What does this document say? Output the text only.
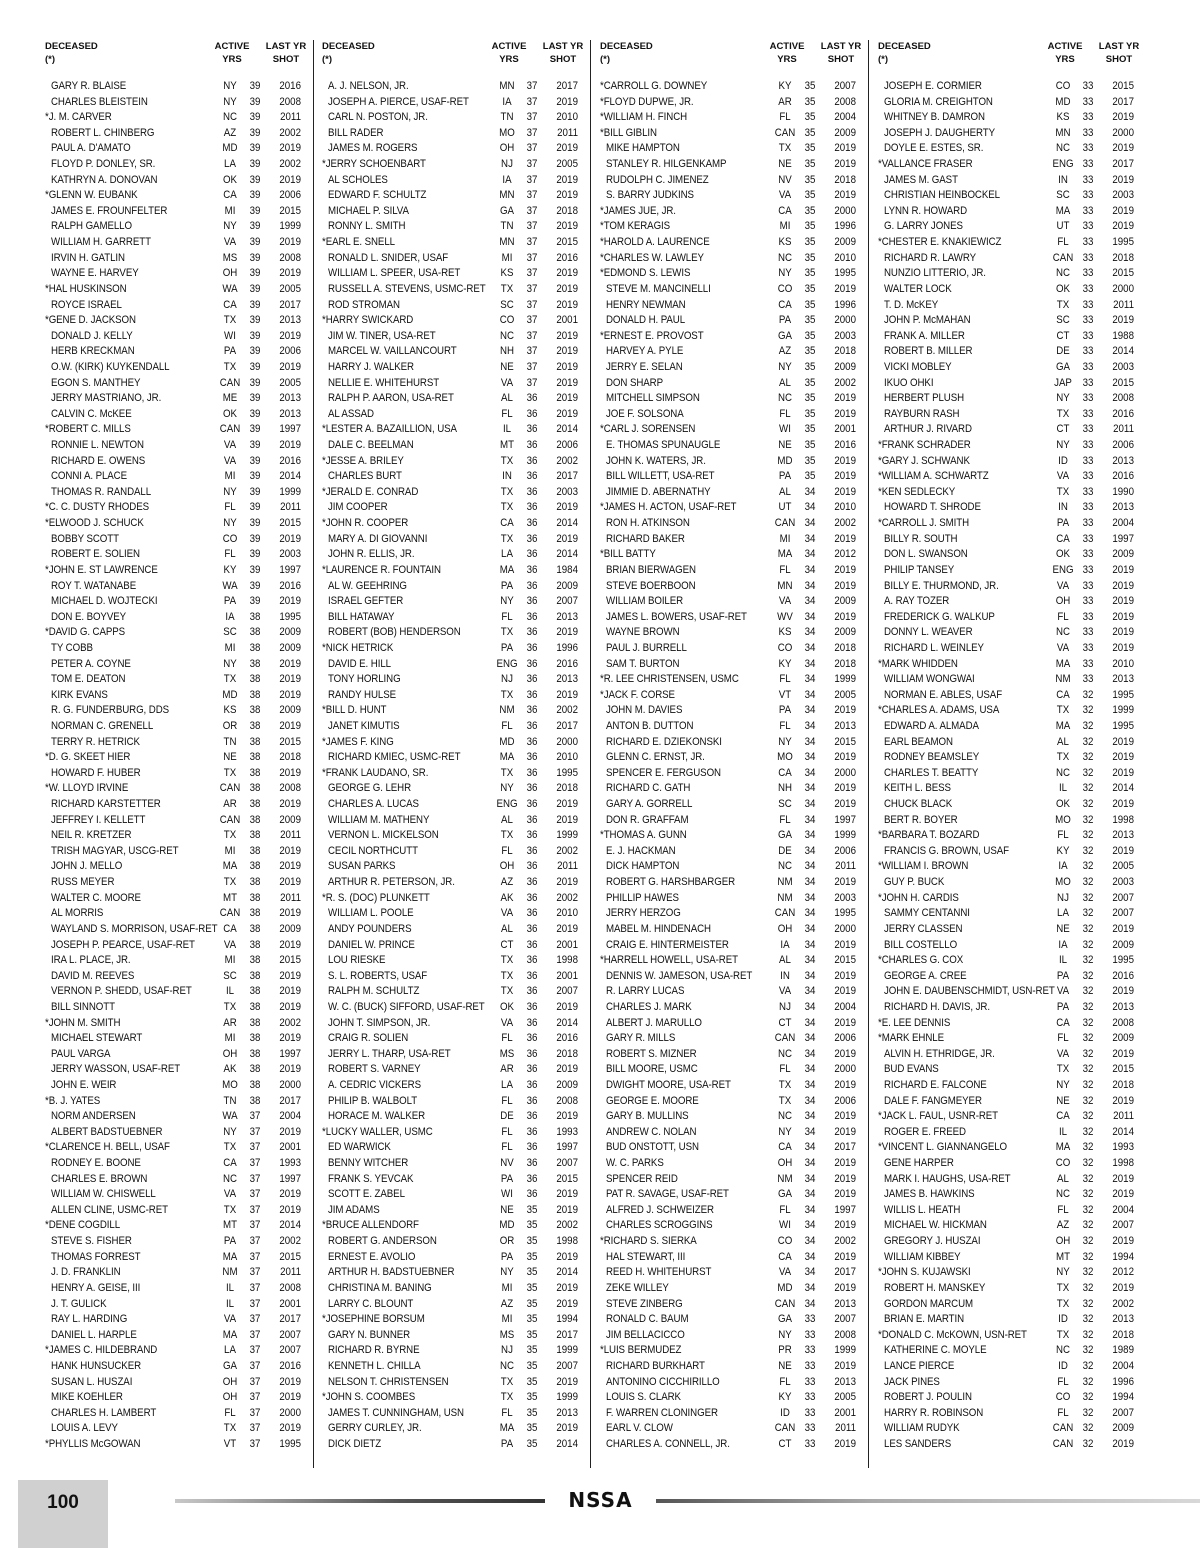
DECEASED
(*)
ACTIVE
YRS
LAST YR
SHOT
GARY R. BLAISE	NY	39	2016
CHARLES BLEISTEIN	NY	39	2008
*J. M. CARVER	NC	39	2011
ROBERT L. CHINBERG	AZ	39	2002
PAUL A. D'AMATO	MD	39	2019
FLOYD P. DONLEY, SR.	LA	39	2002
KATHRYN A. DONOVAN	OK	39	2019
*GLENN W. EUBANK	CA	39	2006
JAMES E. FROUNFELTER	MI	39	2015
RALPH GAMELLO	NY	39	1999
WILLIAM H. GARRETT	VA	39	2019
IRVIN H. GATLIN	MS	39	2008
WAYNE E. HARVEY	OH	39	2019
*HAL HUSKINSON	WA	39	2005
ROYCE ISRAEL	CA	39	2017
*GENE D. JACKSON	TX	39	2013
DONALD J. KELLY	WI	39	2019
HERB KRECKMAN	PA	39	2006
O.W. (KIRK) KUYKENDALL	TX	39	2019
EGON S. MANTHEY	CAN 39	2005
JERRY MASTRIANO, JR.	ME	39	2013
CALVIN C. McKEE	OK	39	2013
*ROBERT C. MILLS	CAN 39	1997
RONNIE L. NEWTON	VA	39	2019
RICHARD E. OWENS	VA	39	2016
CONNI A. PLACE	MI	39	2014
THOMAS R. RANDALL	NY	39	1999
*C. C. DUSTY RHODES	FL	39	2011
*ELWOOD J. SCHUCK	NY	39	2015
BOBBY SCOTT	CO	39	2019
ROBERT E. SOLIEN	FL	39	2003
*JOHN E. ST LAWRENCE	KY	39	1997
ROY T. WATANABE	WA	39	2016
MICHAEL D. WOJTECKI	PA	39	2019
DON E. BOYVEY	IA	38	1995
*DAVID G. CAPPS	SC	38	2009
TY COBB	MI	38	2009
PETER A. COYNE	NY	38	2019
TOM E. DEATON	TX	38	2019
KIRK EVANS	MD	38	2019
R. G. FUNDERBURG, DDS	KS	38	2009
NORMAN C. GRENELL	OR	38	2019
TERRY R. HETRICK	TN	38	2015
*D. G. SKEET HIER	NE	38	2018
HOWARD F. HUBER	TX	38	2019
*W. LLOYD IRVINE	CAN 38	2008
RICHARD KARSTETTER	AR	38	2019
JEFFREY I. KELLETT	CAN 38	2009
NEIL R. KRETZER	TX	38	2011
TRISH MAGYAR, USCG-RET	MI	38	2019
JOHN J. MELLO	MA	38	2019
RUSS MEYER	TX	38	2019
WALTER C. MOORE	MT	38	2011
AL MORRIS	CAN 38	2019
WAYLAND S. MORRISON, USAF-RET CA	38	2009
JOSEPH P. PEARCE, USAF-RET	VA	38	2019
IRA L. PLACE, JR.	MI	38	2015
DAVID M. REEVES	SC	38	2019
VERNON P. SHEDD, USAF-RET	IL	38	2019
BILL SINNOTT	TX	38	2019
*JOHN M. SMITH	AR	38	2002
MICHAEL STEWART	MI	38	2019
PAUL VARGA	OH	38	1997
JERRY WASSON, USAF-RET	AK	38	2019
JOHN E. WEIR	MO	38	2000
*B. J. YATES	TN	38	2017
NORM ANDERSEN	WA	37	2004
ALBERT BADSTUEBNER	NY	37	2019
*CLARENCE H. BELL, USAF	TX	37	2001
RODNEY E. BOONE	CA	37	1993
CHARLES E. BROWN	NC	37	1997
WILLIAM W. CHISWELL	VA	37	2019
ALLEN CLINE, USMC-RET	TX	37	2019
*DENE COGDILL	MT	37	2014
STEVE S. FISHER	PA	37	2002
THOMAS FORREST	MA	37	2015
J. D. FRANKLIN	NM	37	2011
HENRY A. GEISE, III	IL	37	2008
J. T. GULICK	IL	37	2001
RAY L. HARDING	VA	37	2017
DANIEL L. HARPLE	MA	37	2007
*JAMES C. HILDEBRAND	LA	37	2007
HANK HUNSUCKER	GA	37	2016
SUSAN L. HUSZAI	OH	37	2019
MIKE KOEHLER	OH	37	2019
CHARLES H. LAMBERT	FL	37	2000
LOUIS A. LEVY	TX	37	2019
*PHYLLIS McGOWAN	VT	37	1995
DECEASED
(*)
ACTIVE
YRS
LAST YR
SHOT
A. J. NELSON, JR.	MN	37	2017
JOSEPH A. PIERCE, USAF-RET	IA	37	2019
CARL N. POSTON, JR.	TN	37	2010
BILL RADER	MO	37	2011
JAMES M. ROGERS	OH	37	2019
*JERRY SCHOENBART	NJ	37	2005
AL SCHOLES	IA	37	2019
EDWARD F. SCHULTZ	MN	37	2019
MICHAEL P. SILVA	GA	37	2018
RONNY L. SMITH	TN	37	2019
*EARL E. SNELL	MN	37	2015
RONALD L. SNIDER, USAF	MI	37	2016
WILLIAM L. SPEER, USA-RET	KS	37	2019
RUSSELL A. STEVENS, USMC-RET	TX	37	2019
ROD STROMAN	SC	37	2019
*HARRY SWICKARD	CO	37	2001
JIM W. TINER, USA-RET	NC	37	2019
MARCEL W. VAILLANCOURT	NH	37	2019
HARRY J. WALKER	NE	37	2019
NELLIE E. WHITEHURST	VA	37	2019
RALPH P. AARON, USA-RET	AL	36	2019
AL ASSAD	FL	36	2019
*LESTER A. BAZAILLION, USA	IL	36	2014
DALE C. BEELMAN	MT	36	2006
*JESSE A. BRILEY	TX	36	2002
CHARLES BURT	IN	36	2017
*JERALD E. CONRAD	TX	36	2003
JIM COOPER	TX	36	2019
*JOHN R. COOPER	CA	36	2014
MARY A. DI GIOVANNI	TX	36	2019
JOHN R. ELLIS, JR.	LA	36	2014
*LAURENCE R. FOUNTAIN	MA	36	1984
AL W. GEEHRING	PA	36	2009
ISRAEL GEFTER	NY	36	2007
BILL HATAWAY	FL	36	2013
ROBERT (BOB) HENDERSON	TX	36	2019
*NICK HETRICK	PA	36	1996
DAVID E. HILL	ENG 36	2016
TONY HORLING	NJ	36	2013
RANDY HULSE	TX	36	2019
*BILL D. HUNT	NM	36	2002
JANET KIMUTIS	FL	36	2017
*JAMES F. KING	MD	36	2000
RICHARD KMIEC, USMC-RET	MA	36	2010
*FRANK LAUDANO, SR.	TX	36	1995
GEORGE G. LEHR	NY	36	2018
CHARLES A. LUCAS	ENG 36	2019
WILLIAM M. MATHENY	AL	36	2019
VERNON L. MICKELSON	TX	36	1999
CECIL NORTHCUTT	FL	36	2002
SUSAN PARKS	OH	36	2011
ARTHUR R. PETERSON, JR.	AZ	36	2019
*R. S. (DOC) PLUNKETT	AK	36	2002
WILLIAM L. POOLE	VA	36	2010
ANDY POUNDERS	AL	36	2019
DANIEL W. PRINCE	CT	36	2001
LOU RIESKE	TX	36	1998
S. L. ROBERTS, USAF	TX	36	2001
RALPH M. SCHULTZ	TX	36	2007
W. C. (BUCK) SIFFORD, USAF-RET	OK	36	2019
JOHN T. SIMPSON, JR.	VA	36	2014
CRAIG R. SOLIEN	FL	36	2016
JERRY L. THARP, USA-RET	MS	36	2018
ROBERT S. VARNEY	AR	36	2019
A. CEDRIC VICKERS	LA	36	2009
PHILIP B. WALBOLT	FL	36	2008
HORACE M. WALKER	DE	36	2019
*LUCKY WALLER, USMC	FL	36	1993
ED WARWICK	FL	36	1997
BENNY WITCHER	NV	36	2007
FRANK S. YEVCAK	PA	36	2015
SCOTT E. ZABEL	WI	36	2019
JIM ADAMS	NE	35	2019
*BRUCE ALLENDORF	MD	35	2002
ROBERT G. ANDERSON	OR	35	1998
ERNEST E. AVOLIO	PA	35	2019
ARTHUR H. BADSTUEBNER	NY	35	2014
CHRISTINA M. BANING	MI	35	2019
LARRY C. BLOUNT	AZ	35	2019
*JOSEPHINE BORSUM	MI	35	1994
GARY N. BUNNER	MS	35	2017
RICHARD R. BYRNE	NJ	35	1999
KENNETH L. CHILLA	NC	35	2007
NELSON T. CHRISTENSEN	TX	35	2019
*JOHN S. COOMBES	TX	35	1999
JAMES T. CUNNINGHAM, USN	FL	35	2013
GERRY CURLEY, JR.	MA	35	2019
DICK DIETZ	PA	35	2014
DECEASED
(*)
ACTIVE
YRS
LAST YR
SHOT
*CARROLL G. DOWNEY	KY	35	2007
*FLOYD DUPWE, JR.	AR	35	2008
*WILLIAM H. FINCH	FL	35	2004
*BILL GIBLIN	CAN 35	2009
MIKE HAMPTON	TX	35	2019
STANLEY R. HILGENKAMP	NE	35	2019
RUDOLPH C. JIMENEZ	NV	35	2018
S. BARRY JUDKINS	VA	35	2019
*JAMES JUE, JR.	CA	35	2000
*TOM KERAGIS	MI	35	1996
*HAROLD A. LAURENCE	KS	35	2009
*CHARLES W. LAWLEY	NC	35	2010
*EDMOND S. LEWIS	NY	35	1995
STEVE M. MANCINELLI	CO	35	2019
HENRY NEWMAN	CA	35	1996
DONALD H. PAUL	PA	35	2000
*ERNEST E. PROVOST	GA	35	2003
HARVEY A. PYLE	AZ	35	2018
JERRY E. SELAN	NY	35	2009
DON SHARP	AL	35	2002
MITCHELL SIMPSON	NC	35	2019
JOE F. SOLSONA	FL	35	2019
*CARL J. SORENSEN	WI	35	2001
E. THOMAS SPUNAUGLE	NE	35	2016
JOHN K. WATERS, JR.	MD	35	2019
BILL WILLETT, USA-RET	PA	35	2019
JIMMIE D. ABERNATHY	AL	34	2019
*JAMES H. ACTON, USAF-RET	UT	34	2010
RON H. ATKINSON	CAN 34	2002
RICHARD BAKER	MI	34	2019
*BILL BATTY	MA	34	2012
BRIAN BIERWAGEN	FL	34	2019
STEVE BOERBOON	MN	34	2019
WILLIAM BOILER	VA	34	2009
JAMES L. BOWERS, USAF-RET	WV	34	2019
WAYNE BROWN	KS	34	2009
PAUL J. BURRELL	CO	34	2018
SAM T. BURTON	KY	34	2018
*R. LEE CHRISTENSEN, USMC	FL	34	1999
*JACK F. CORSE	VT	34	2005
JOHN M. DAVIES	PA	34	2019
ANTON B. DUTTON	FL	34	2013
RICHARD E. DZIEKONSKI	NY	34	2015
GLENN C. ERNST, JR.	MO	34	2019
SPENCER E. FERGUSON	CA	34	2000
RICHARD C. GATH	NH	34	2019
GARY A. GORRELL	SC	34	2019
DON R. GRAFFAM	FL	34	1997
*THOMAS A. GUNN	GA	34	1999
E. J. HACKMAN	DE	34	2006
DICK HAMPTON	NC	34	2011
ROBERT G. HARSHBARGER	NM	34	2019
PHILLIP HAWES	NM	34	2003
JERRY HERZOG	CAN 34	1995
MABEL M. HINDENACH	OH	34	2000
CRAIG E. HINTERMEISTER	IA	34	2019
*HARRELL HOWELL, USA-RET	AL	34	2015
DENNIS W. JAMESON, USA-RET	IN	34	2019
R. LARRY LUCAS	VA	34	2019
CHARLES J. MARK	NJ	34	2004
ALBERT J. MARULLO	CT	34	2019
GARY R. MILLS	CAN 34	2006
ROBERT S. MIZNER	NC	34	2019
BILL MOORE, USMC	FL	34	2000
DWIGHT MOORE, USA-RET	TX	34	2019
GEORGE E. MOORE	TX	34	2006
GARY B. MULLINS	NC	34	2019
ANDREW C. NOLAN	NY	34	2019
BUD ONSTOTT, USN	CA	34	2017
W. C. PARKS	OH	34	2019
SPENCER REID	NM	34	2019
PAT R. SAVAGE, USAF-RET	GA	34	2019
ALFRED J. SCHWEIZER	FL	34	1997
CHARLES SCROGGINS	WI	34	2019
*RICHARD S. SIERKA	CO	34	2002
HAL STEWART, III	CA	34	2019
REED H. WHITEHURST	VA	34	2017
ZEKE WILLEY	MD	34	2019
STEVE ZINBERG	CAN 34	2013
RONALD C. BAUM	GA	33	2007
JIM BELLACICCO	NY	33	2008
*LUIS BERMUDEZ	PR	33	1999
RICHARD BURKHART	NE	33	2019
ANTONINO CICCHIRILLO	FL	33	2013
LOUIS S. CLARK	KY	33	2005
F. WARREN CLONINGER	ID	33	2001
EARL V. CLOW	CAN 33	2011
CHARLES A. CONNELL, JR.	CT	33	2019
DECEASED
(*)
ACTIVE
YRS
LAST YR
SHOT
JOSEPH E. CORMIER	CO	33	2015
GLORIA M. CREIGHTON	MD	33	2017
WHITNEY B. DAMRON	KS	33	2019
JOSEPH J. DAUGHERTY	MN	33	2000
DOYLE E. ESTES, SR.	NC	33	2019
*VALLANCE FRASER	ENG 33	2017
JAMES M. GAST	IN	33	2019
CHRISTIAN HEINBOCKEL	SC	33	2003
LYNN R. HOWARD	MA	33	2019
G. LARRY JONES	UT	33	2019
*CHESTER E. KNAKIEWICZ	FL	33	1995
RICHARD R. LAWRY	CAN 33	2018
NUNZIO LITTERIO, JR.	NC	33	2015
WALTER LOCK	OK	33	2000
T. D. McKEY	TX	33	2011
JOHN P. McMAHAN	SC	33	2019
FRANK A. MILLER	CT	33	1988
ROBERT B. MILLER	DE	33	2014
VICKI MOBLEY	GA	33	2003
IKUO OHKI	JAP 33	2015
HERBERT PLUSH	NY	33	2008
RAYBURN RASH	TX	33	2016
ARTHUR J. RIVARD	CT	33	2011
*FRANK SCHRADER	NY	33	2006
*GARY J. SCHWANK	ID	33	2013
*WILLIAM A. SCHWARTZ	VA	33	2016
*KEN SEDLECKY	TX	33	1990
HOWARD T. SHRODE	IN	33	2013
*CARROLL J. SMITH	PA	33	2004
BILLY R. SOUTH	CA	33	1997
DON L. SWANSON	OK	33	2009
PHILIP TANSEY	ENG 33	2019
BILLY E. THURMOND, JR.	VA	33	2019
A. RAY TOZER	OH	33	2019
FREDERICK G. WALKUP	FL	33	2019
DONNY L. WEAVER	NC	33	2019
RICHARD L. WEINLEY	VA	33	2019
*MARK WHIDDEN	MA	33	2010
WILLIAM WONGWAI	NM	33	2013
NORMAN E. ABLES, USAF	CA	32	1995
*CHARLES A. ADAMS, USA	TX	32	1999
EDWARD A. ALMADA	MA	32	1995
EARL BEAMON	AL	32	2019
RODNEY BEAMSLEY	TX	32	2019
CHARLES T. BEATTY	NC	32	2019
KEITH L. BESS	IL	32	2014
CHUCK BLACK	OK	32	2019
BERT R. BOYER	MO	32	1998
*BARBARA T. BOZARD	FL	32	2013
FRANCIS G. BROWN, USAF	KY	32	2019
*WILLIAM I. BROWN	IA	32	2005
GUY P. BUCK	MO	32	2003
*JOHN H. CARDIS	NJ	32	2007
SAMMY CENTANNI	LA	32	2007
JERRY CLASSEN	NE	32	2019
BILL COSTELLO	IA	32	2009
*CHARLES G. COX	IL	32	1995
GEORGE A. CREE	PA	32	2016
JOHN E. DAUBENSCHMIDT, USN-RET VA	32	2019
RICHARD H. DAVIS, JR.	PA	32	2013
*E. LEE DENNIS	CA	32	2008
*MARK EHNLE	FL	32	2009
ALVIN H. ETHRIDGE, JR.	VA	32	2019
BUD EVANS	TX	32	2015
RICHARD E. FALCONE	NY	32	2018
DALE F. FANGMEYER	NE	32	2019
*JACK L. FAUL, USNR-RET	CA	32	2011
ROGER E. FREED	IL	32	2014
*VINCENT L. GIANNANGELO	MA	32	1993
GENE HARPER	CO	32	1998
MARK I. HAUGHS, USA-RET	AL	32	2019
JAMES B. HAWKINS	NC	32	2019
WILLIS L. HEATH	FL	32	2004
MICHAEL W. HICKMAN	AZ	32	2007
GREGORY J. HUSZAI	OH	32	2019
WILLIAM KIBBEY	MT	32	1994
*JOHN S. KUJAWSKI	NY	32	2012
ROBERT H. MANSKEY	TX	32	2019
GORDON MARCUM	TX	32	2002
BRIAN E. MARTIN	ID	32	2013
*DONALD C. McKOWN, USN-RET	TX	32	2018
KATHERINE C. MOYLE	NC	32	1989
LANCE PIERCE	ID	32	2004
JACK PINES	FL	32	1996
ROBERT J. POULIN	CO	32	1994
HARRY R. ROBINSON	FL	32	2007
WILLIAM RUDYK	CAN 32	2009
LES SANDERS	CAN 32	2019
100	NSSA
